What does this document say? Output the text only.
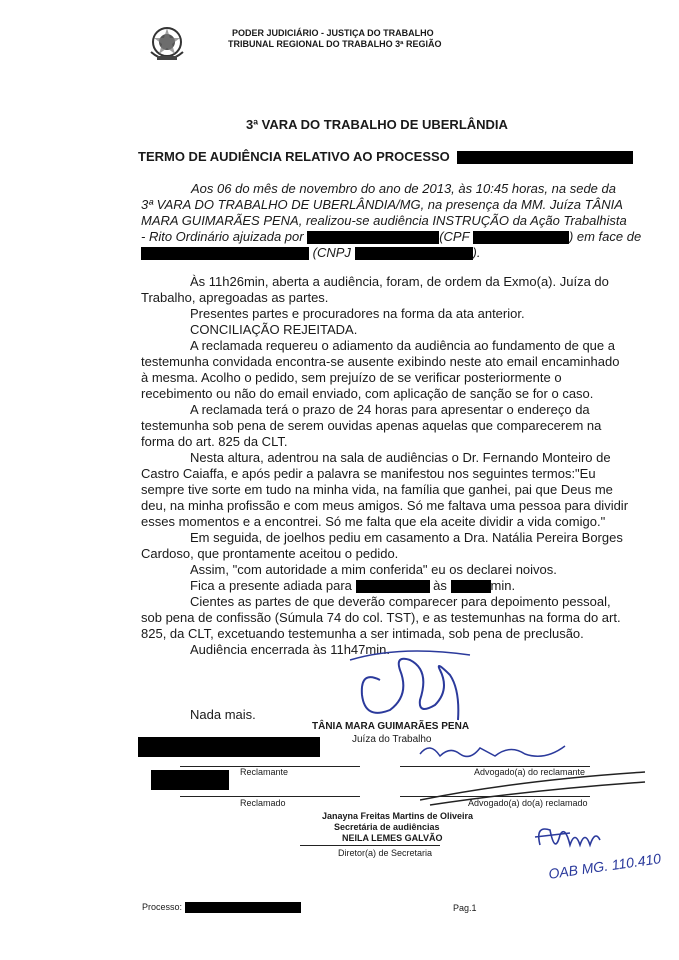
PODER JUDICIÁRIO - JUSTIÇA DO TRABALHO
TRIBUNAL REGIONAL DO TRABALHO 3ª REGIÃO
3ª VARA DO TRABALHO DE UBERLÂNDIA
TERMO DE AUDIÊNCIA RELATIVO AO PROCESSO
Aos 06 do mês de novembro do ano de 2013, às 10:45 horas, na sede da
3ª VARA DO TRABALHO DE UBERLÂNDIA/MG, na presença da MM. Juíza TÂNIA
MARA GUIMARÃES PENA, realizou-se audiência INSTRUÇÃO da Ação Trabalhista
- Rito Ordinário ajuizada por	(CPF	) em face de
(CNPJ	).
Às 11h26min, aberta a audiência, foram, de ordem da Exmo(a). Juíza do
Trabalho, apregoadas as partes.
Presentes partes e procuradores na forma da ata anterior.
CONCILIAÇÃO REJEITADA.
A reclamada requereu o adiamento da audiência ao fundamento de que a
testemunha convidada encontra-se ausente exibindo neste ato email encaminhado
à mesma. Acolho o pedido, sem prejuízo de se verificar posteriormente o
recebimento ou não do email enviado, com aplicação de sanção se for o caso.
A reclamada terá o prazo de 24 horas para apresentar o endereço da
testemunha sob pena de serem ouvidas apenas aquelas que comparecerem na
forma do art. 825 da CLT.
Nesta altura, adentrou na sala de audiências o Dr. Fernando Monteiro de
Castro Caiaffa, e após pedir a palavra se manifestou nos seguintes termos:"Eu
sempre tive sorte em tudo na minha vida, na família que ganhei, pai que Deus me
deu, na minha profissão e com meus amigos. Só me faltava uma pessoa para dividir
esses momentos e a encontrei. Só me falta que ela aceite dividir a vida comigo."
Em seguida, de joelhos pediu em casamento a Dra. Natália Pereira Borges
Cardoso, que prontamente aceitou o pedido.
Assim, "com autoridade a mim conferida" eu os declarei noivos.
Fica a presente adiada para	às	min.
Cientes as partes de que deverão comparecer para depoimento pessoal,
sob pena de confissão (Súmula 74 do col. TST), e as testemunhas na forma do art.
825, da CLT, excetuando testemunha a ser intimada, sob pena de preclusão.
Audiência encerrada às 11h47min.
Nada mais.
TÂNIA MARA GUIMARÃES PENA
Juíza do Trabalho
Reclamante	Advogado(a) do reclamante
Reclamado	Advogado(a) do(a) reclamado
Janayna Freitas Martins de Oliveira
Secretária de audiências
NEILA LEMES GALVÃO
Diretor(a) de Secretaria	OAB MG. 110.410
Processo:	Pag.1
